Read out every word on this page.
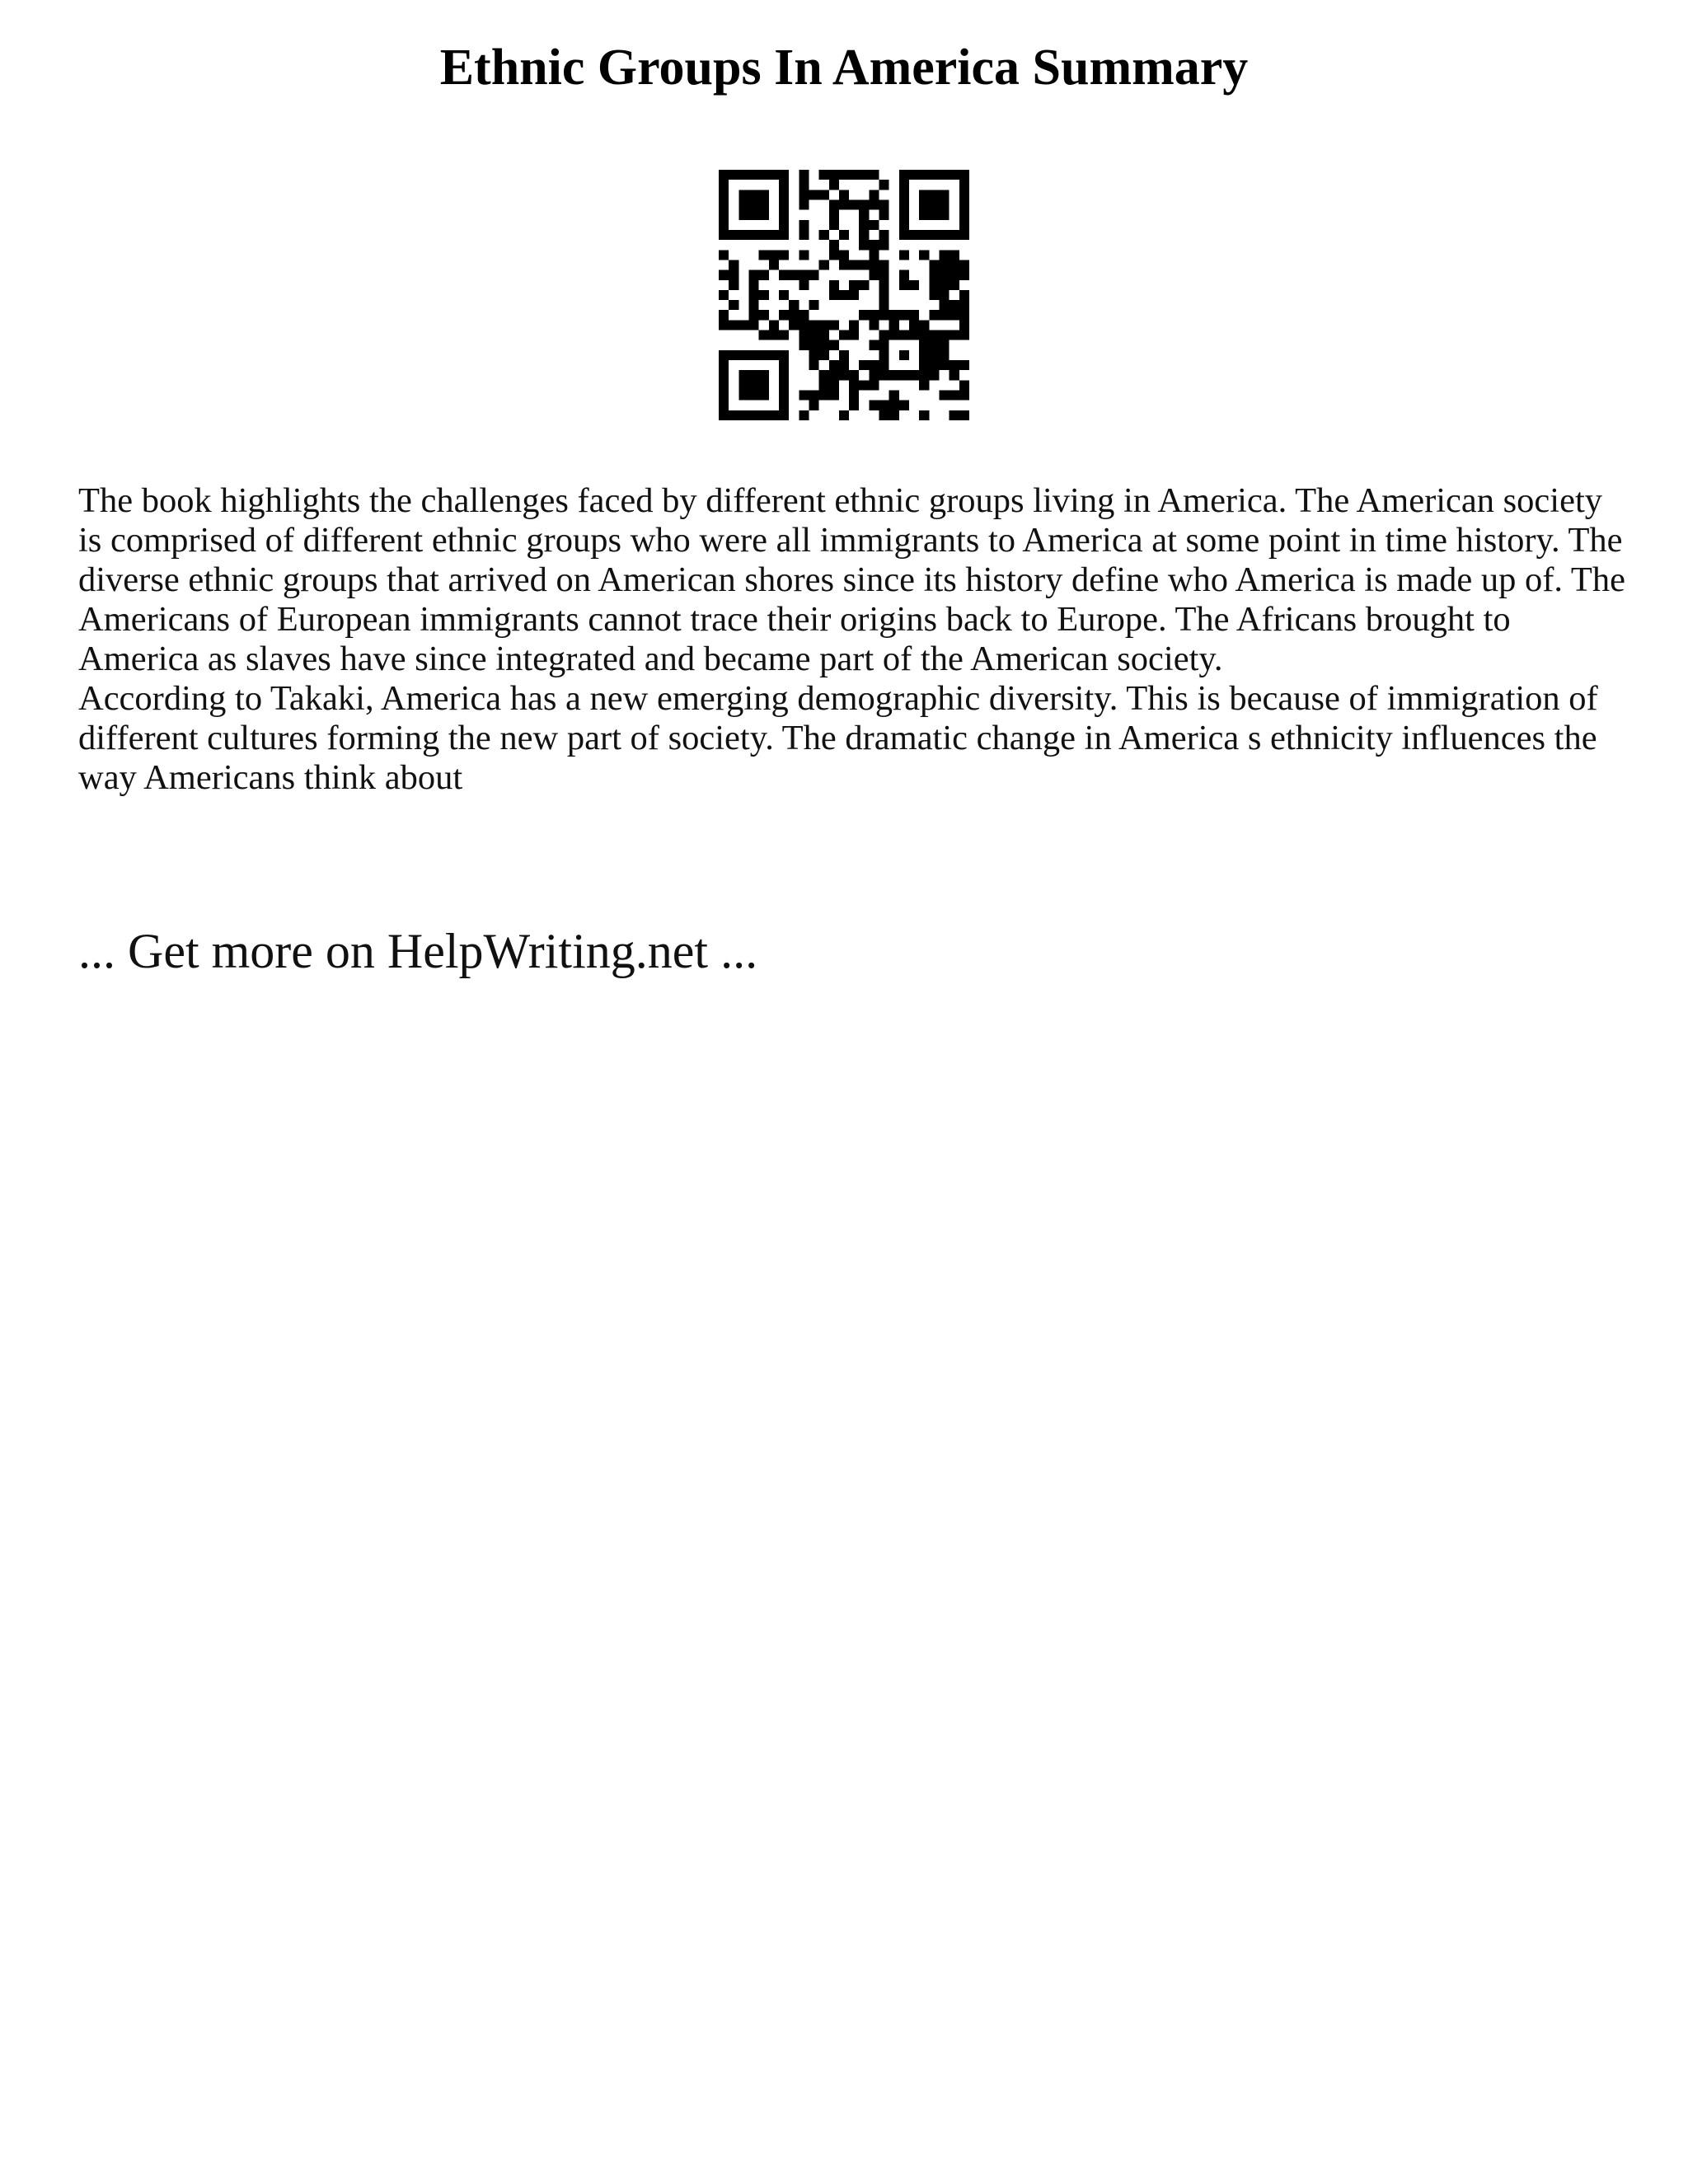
Ethnic Groups In America Summary

The book highlights the challenges faced by different ethnic groups living in America. The American society is comprised of different ethnic groups who were all immigrants to America at some point in time history. The diverse ethnic groups that arrived on American shores since its history define who America is made up of. The Americans of European immigrants cannot trace their origins back to Europe. The Africans brought to America as slaves have since integrated and became part of the American society.

According to Takaki, America has a new emerging demographic diversity. This is because of immigration of different cultures forming the new part of society. The dramatic change in America s ethnicity influences the way Americans think about

... Get more on HelpWriting.net ...
